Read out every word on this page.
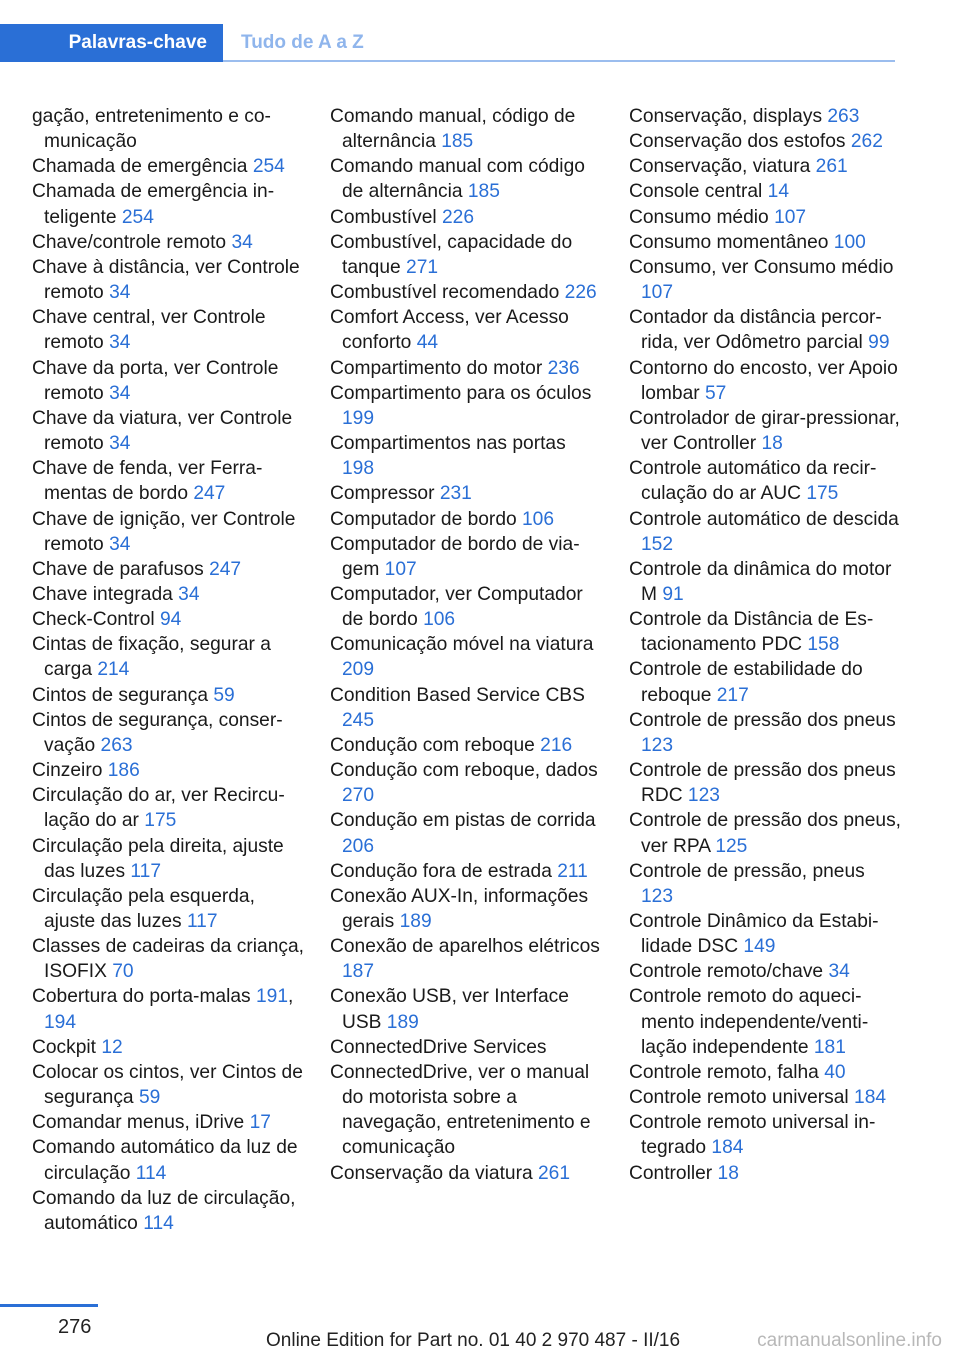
Palavras-chave	Tudo de A a Z

gação, entretenimento e comunicação

Chamada de emergência 254

Chamada de emergência inteligente 254

Chave/controle remoto 34

Chave à distância, ver Controle remoto 34

Chave central, ver Controle remoto 34

Chave da porta, ver Controle remoto 34

Chave da viatura, ver Controle remoto 34

Chave de fenda, ver Ferramentas de bordo 247

Chave de ignição, ver Controle remoto 34

Chave de parafusos 247

Chave integrada 34

Check-Control 94

Cintas de fixação, segurar a carga 214

Cintos de segurança 59

Cintos de segurança, conservação 263

Cinzeiro 186

Circulação do ar, ver Recirculação do ar 175

Circulação pela direita, ajuste das luzes 117

Circulação pela esquerda, ajuste das luzes 117

Classes de cadeiras da criança, ISOFIX 70

Cobertura do porta-malas 191, 194

Cockpit 12

Colocar os cintos, ver Cintos de segurança 59

Comandar menus, iDrive 17

Comando automático da luz de circulação 114

Comando da luz de circulação, automático 114

Comando manual, código de alternância 185

Comando manual com código de alternância 185

Combustível 226

Combustível, capacidade do tanque 271

Combustível recomendado 226

Comfort Access, ver Acesso conforto 44

Compartimento do motor 236

Compartimento para os óculos 199

Compartimentos nas portas 198

Compressor 231

Computador de bordo 106

Computador de bordo de viagem 107

Computador, ver Computador de bordo 106

Comunicação móvel na viatura 209

Condition Based Service CBS 245

Condução com reboque 216

Condução com reboque, dados 270

Condução em pistas de corrida 206

Condução fora de estrada 211

Conexão AUX-In, informações gerais 189

Conexão de aparelhos elétricos 187

Conexão USB, ver Interface USB 189

ConnectedDrive Services

ConnectedDrive, ver o manual do motorista sobre a navegação, entretenimento e comunicação

Conservação da viatura 261

Conservação, displays 263

Conservação dos estofos 262

Conservação, viatura 261

Console central 14

Consumo médio 107

Consumo momentâneo 100

Consumo, ver Consumo médio 107

Contador da distância percorrida, ver Odômetro parcial 99

Contorno do encosto, ver Apoio lombar 57

Controlador de girar-pressionar, ver Controller 18

Controle automático da recirculação do ar AUC 175

Controle automático de descida 152

Controle da dinâmica do motor M 91

Controle da Distância de Estacionamento PDC 158

Controle de estabilidade do reboque 217

Controle de pressão dos pneus 123

Controle de pressão dos pneus RDC 123

Controle de pressão dos pneus, ver RPA 125

Controle de pressão, pneus 123

Controle Dinâmico da Estabilidade DSC 149

Controle remoto/chave 34

Controle remoto do aquecimento independente/ventilação independente 181

Controle remoto, falha 40

Controle remoto universal 184

Controle remoto universal integrado 184

Controller 18

276
Online Edition for Part no. 01 40 2 970 487 - II/16	carmanualsonline.info
